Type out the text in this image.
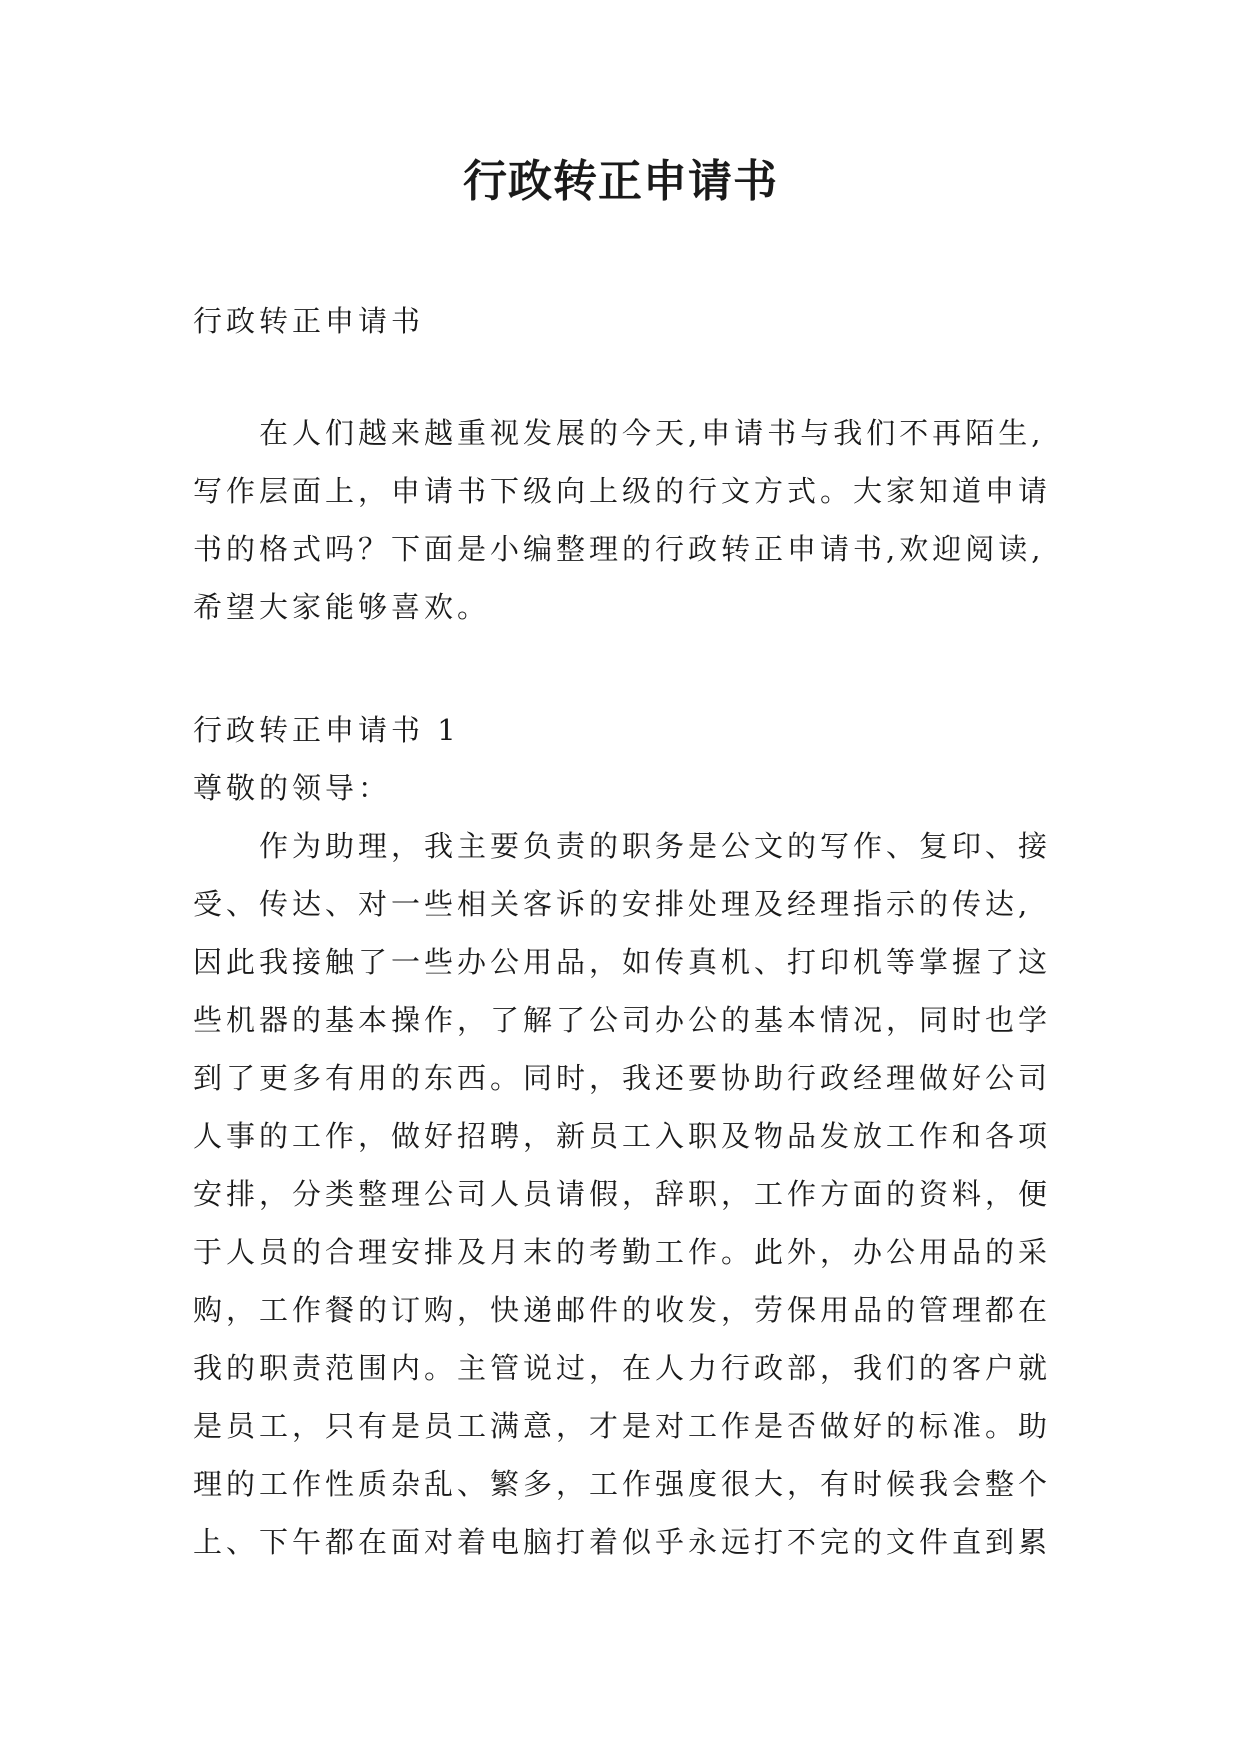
行政转正申请书

行政转正申请书

在人们越来越重视发展的今天,申请书与我们不再陌生,
写作层面上，申请书下级向上级的行文方式。大家知道申请
书的格式吗？下面是小编整理的行政转正申请书,欢迎阅读,
希望大家能够喜欢。

行政转正申请书 1

尊敬的领导：

作为助理，我主要负责的职务是公文的写作、复印、接
受、传达、对一些相关客诉的安排处理及经理指示的传达,
因此我接触了一些办公用品，如传真机、打印机等掌握了这
些机器的基本操作，了解了公司办公的基本情况，同时也学
到了更多有用的东西。同时，我还要协助行政经理做好公司
人事的工作，做好招聘，新员工入职及物品发放工作和各项
安排，分类整理公司人员请假，辞职，工作方面的资料，便
于人员的合理安排及月末的考勤工作。此外，办公用品的采
购，工作餐的订购，快递邮件的收发，劳保用品的管理都在
我的职责范围内。主管说过，在人力行政部，我们的客户就
是员工，只有是员工满意，才是对工作是否做好的标准。助
理的工作性质杂乱、繁多，工作强度很大，有时候我会整个
上、下午都在面对着电脑打着似乎永远打不完的文件直到累
